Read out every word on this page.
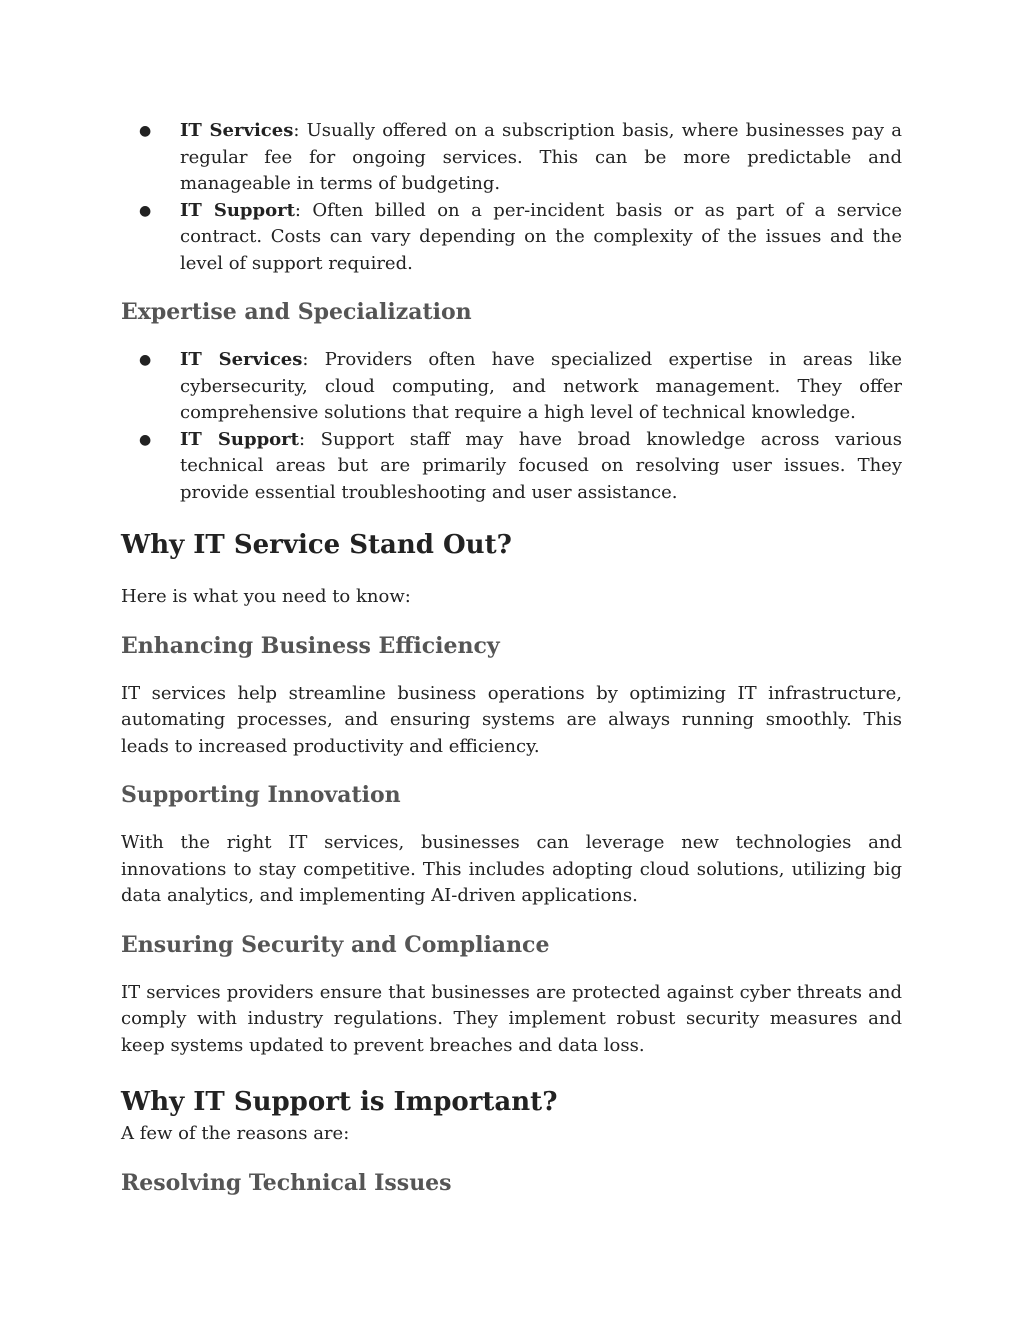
● IT Services: Usually offered on a subscription basis, where businesses pay a regular fee for ongoing services. This can be more predictable and manageable in terms of budgeting.
● IT Support: Often billed on a per-incident basis or as part of a service contract. Costs can vary depending on the complexity of the issues and the level of support required.
Expertise and Specialization
● IT Services: Providers often have specialized expertise in areas like cybersecurity, cloud computing, and network management. They offer comprehensive solutions that require a high level of technical knowledge.
● IT Support: Support staff may have broad knowledge across various technical areas but are primarily focused on resolving user issues. They provide essential troubleshooting and user assistance.
Why IT Service Stand Out?

Here is what you need to know:

Enhancing Business Efficiency

IT services help streamline business operations by optimizing IT infrastructure, automating processes, and ensuring systems are always running smoothly. This leads to increased productivity and efficiency.

Supporting Innovation

With the right IT services, businesses can leverage new technologies and innovations to stay competitive. This includes adopting cloud solutions, utilizing big data analytics, and implementing AI-driven applications.

Ensuring Security and Compliance

IT services providers ensure that businesses are protected against cyber threats and comply with industry regulations. They implement robust security measures and keep systems updated to prevent breaches and data loss.

Why IT Support is Important?

A few of the reasons are:

Resolving Technical Issues
